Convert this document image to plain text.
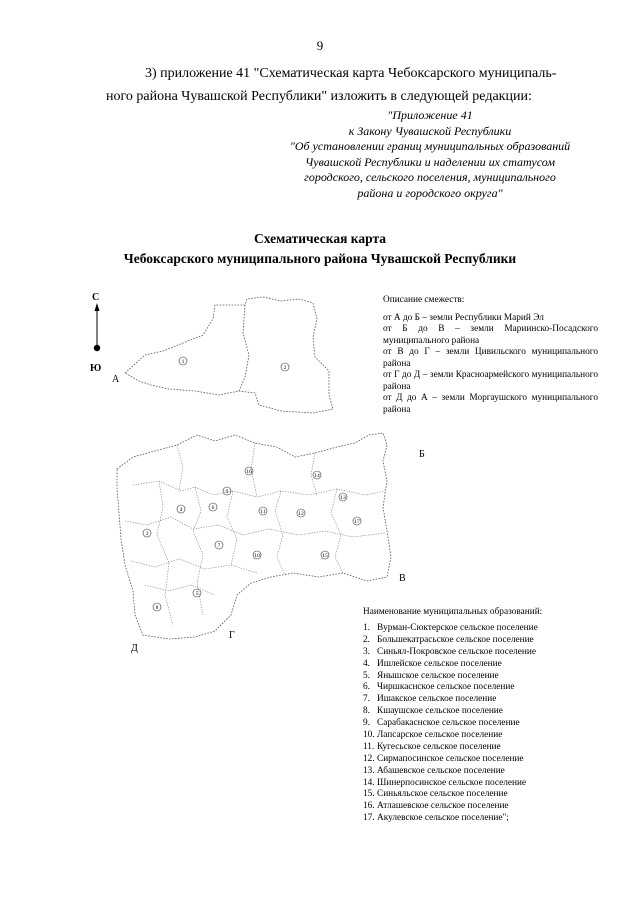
9
3) приложение 41 "Схематическая карта Чебоксарского муниципаль-
ного района Чувашской Республики" изложить в следующей редакции:
"Приложение 41
к Закону Чувашской Республики
"Об установлении границ муниципальных образований
Чувашской Республики и наделении их статусом
городского, сельского поселения, муниципального
района и городского округа"
Схематическая карта
Чебоксарского муниципального района Чувашской Республики
С
Ю
1
2
3
4
5
6
7
8
9
10
11	12
13
14
15
16
17
А
Б
В
Г
Д
Описание смежеств:

от А до Б – земли Республики Марий Эл

от Б до В – земли Мариинско-Посадского муниципального района

от В до Г – земли Цивильского муниципального района

от Г до Д – земли Красноармейского муниципального района

от Д до А – земли Моргаушского муниципального района

Наименование муниципальных образований:
1. Вурман-Сюктерское сельское поселение
2. Большекатрасьское сельское поселение
3. Синьял-Покровское сельское поселение
4. Ишлейское сельское поселение
5. Янышское сельское поселение
6. Чиршкаснское сельское поселение
7. Ишакское сельское поселение
8. Кшаушское сельское поселение
9. Сарабакаснское сельское поселение
10. Лапсарское сельское поселение
11. Кугесьское сельское поселение
12. Сирмапосинское сельское поселение
13. Абашевское сельское поселение
14. Шинерпосинское сельское поселение
15. Синьяльское сельское поселение
16. Атлашевское сельское поселение
17. Акулевское сельское поселение";
